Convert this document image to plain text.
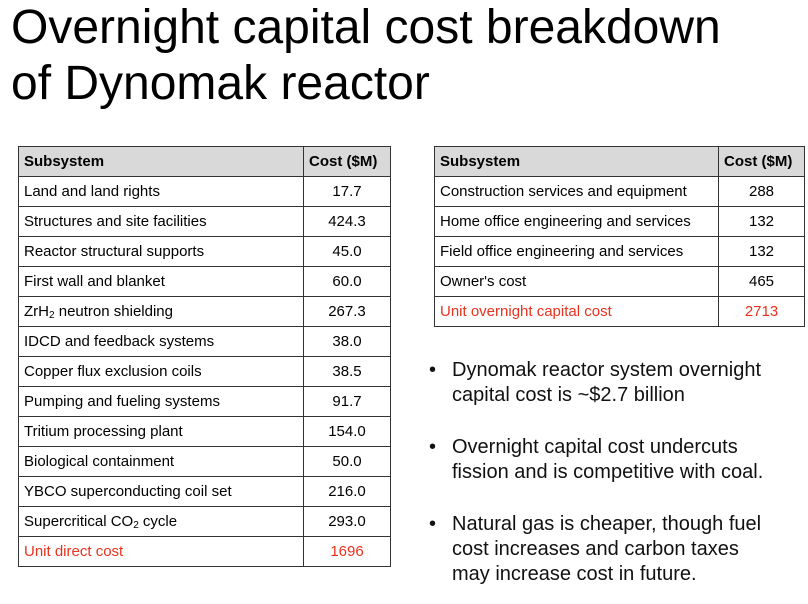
Overnight capital cost breakdown
of Dynomak reactor
Subsystem	Cost ($M)
Land and land rights	17.7
Structures and site facilities	424.3
Reactor structural supports	45.0
First wall and blanket	60.0
ZrH$_2$ neutron shielding	267.3
IDCD and feedback systems	38.0
Copper flux exclusion coils	38.5
Pumping and fueling systems	91.7
Tritium processing plant	154.0
Biological containment	50.0
YBCO superconducting coil set	216.0
Supercritical $CO_2$ cycle	293.0
Unit direct cost	1696
Subsystem	Cost ($M)
Construction services and equipment	288
Home office engineering and services	132
Field office engineering and services	132
Owner's cost	465
Unit overnight capital cost	2713
• Dynomak reactor system overnight
capital cost is ~$2.7 billion
• Overnight capital cost undercuts
fission and is competitive with coal.
• Natural gas is cheaper, though fuel
cost increases and carbon taxes
may increase cost in future.
